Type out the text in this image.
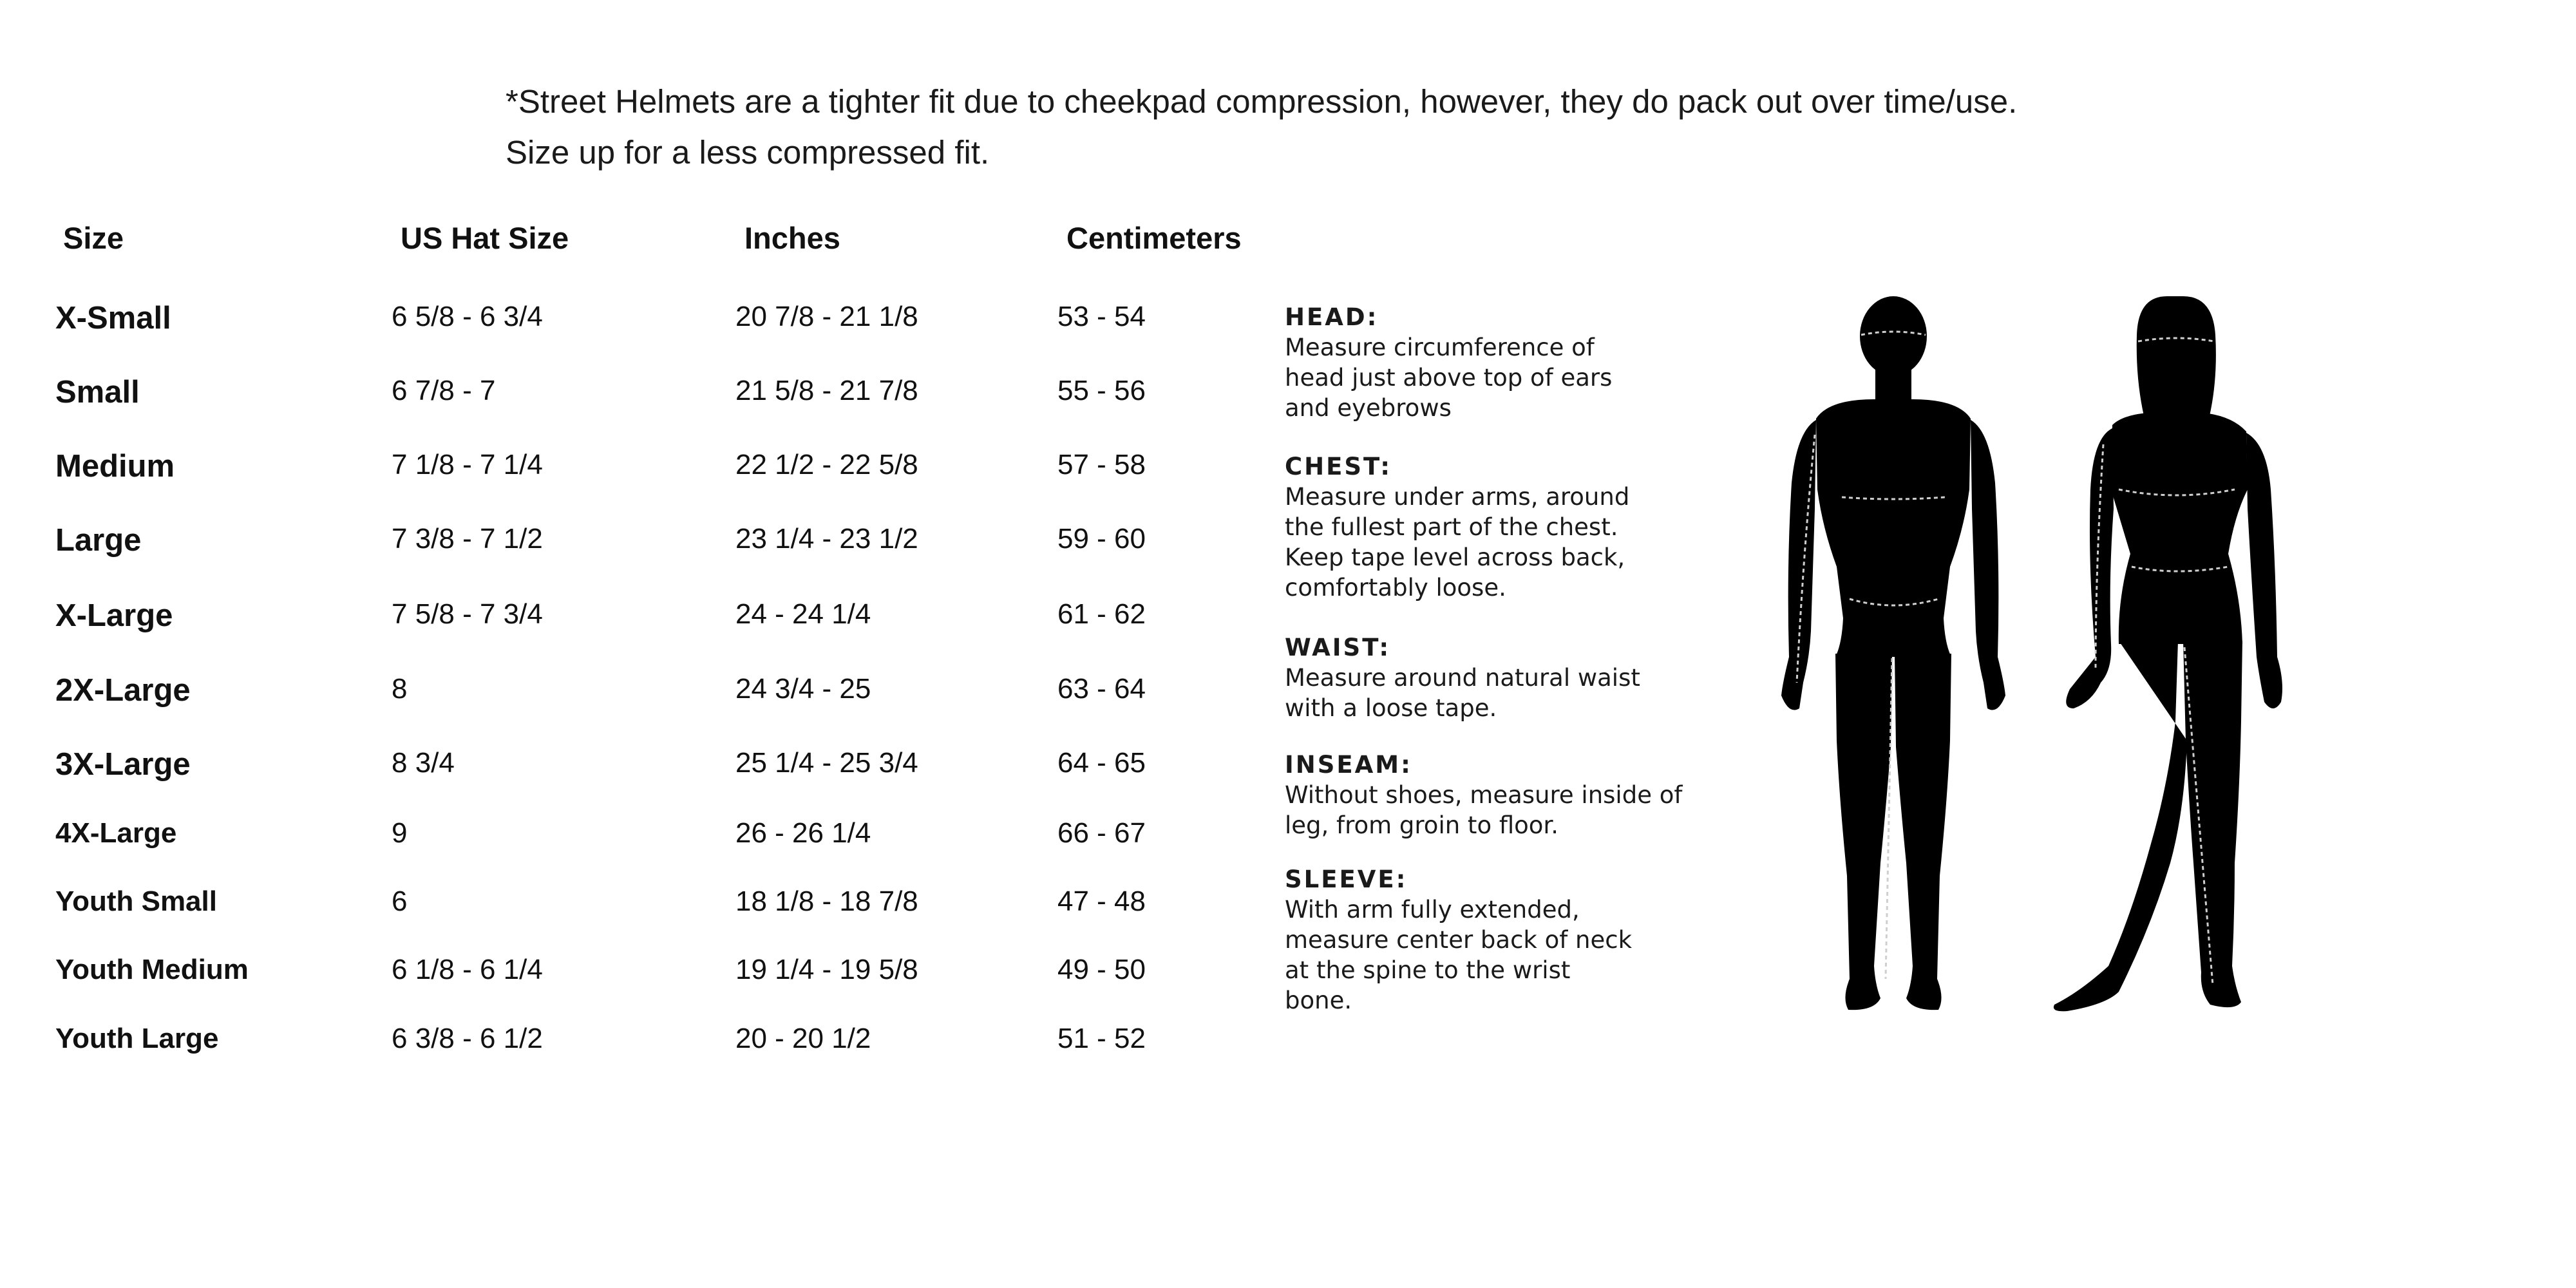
*Street Helmets are a tighter fit due to cheekpad compression, however, they do pack out over time/use.
Size up for a less compressed fit.
Size	US Hat Size	Inches	Centimeters
X-Small	6 5/8 - 6 3/4	20 7/8 - 21 1/8	53 - 54
Small	6 7/8 - 7	21 5/8 - 21 7/8	55 - 56
Medium	7 1/8 - 7 1/4	22 1/2 - 22 5/8	57 - 58
Large	7 3/8 - 7 1/2	23 1/4 - 23 1/2	59 - 60
X-Large	7 5/8 - 7 3/4	24 - 24 1/4	61 - 62
2X-Large	8	24 3/4 - 25	63 - 64
3X-Large	8 3/4	25 1/4 - 25 3/4	64 - 65
4X-Large	9	26 - 26 1/4	66 - 67
Youth Small	6	18 1/8 - 18 7/8	47 - 48
Youth Medium	6 1/8 - 6 1/4	19 1/4 - 19 5/8	49 - 50
Youth Large	6 3/8 - 6 1/2	20 - 20 1/2	51 - 52
HEAD:
Measure circumference of
head just above top of ears
and eyebrows
CHEST:
Measure under arms, around
the fullest part of the chest.
Keep tape level across back,
comfortably loose.
WAIST:
Measure around natural waist
with a loose tape.
INSEAM:
Without shoes, measure inside of
leg, from groin to floor.
SLEEVE:
With arm fully extended,
measure center back of neck
at the spine to the wrist
bone.
